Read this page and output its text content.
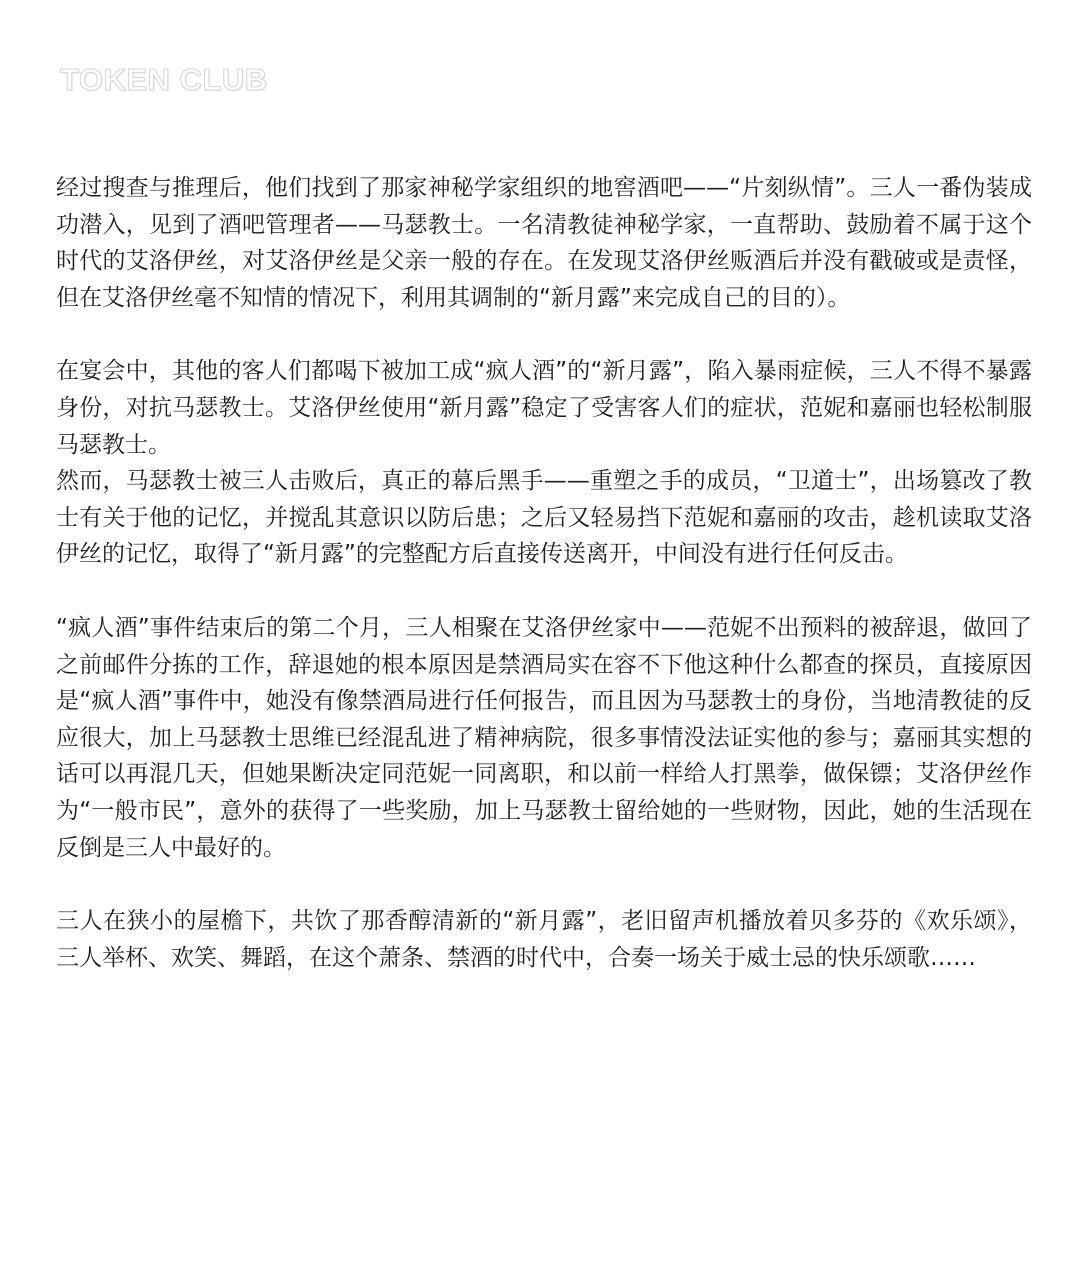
TOKEN CLUB

经过搜查与推理后，他们找到了那家神秘学家组织的地窖酒吧——“片刻纵情”。三人一番伪装成功潜入，见到了酒吧管理者——马瑟教士。一名清教徒神秘学家，一直帮助、鼓励着不属于这个时代的艾洛伊丝，对艾洛伊丝是父亲一般的存在。在发现艾洛伊丝贩酒后并没有戳破或是责怪，但在艾洛伊丝毫不知情的情况下，利用其调制的“新月露”来完成自己的目的）。

在宴会中，其他的客人们都喝下被加工成“疯人酒”的“新月露”，陷入暴雨症候，三人不得不暴露身份，对抗马瑟教士。艾洛伊丝使用“新月露”稳定了受害客人们的症状，范妮和嘉丽也轻松制服马瑟教士。

然而，马瑟教士被三人击败后，真正的幕后黑手——重塑之手的成员，“卫道士”，出场篡改了教士有关于他的记忆，并搅乱其意识以防后患；之后又轻易挡下范妮和嘉丽的攻击，趁机读取艾洛伊丝的记忆，取得了“新月露”的完整配方后直接传送离开，中间没有进行任何反击。

“疯人酒”事件结束后的第二个月，三人相聚在艾洛伊丝家中——范妮不出预料的被辞退，做回了之前邮件分拣的工作，辞退她的根本原因是禁酒局实在容不下他这种什么都查的探员，直接原因是“疯人酒”事件中，她没有像禁酒局进行任何报告，而且因为马瑟教士的身份，当地清教徒的反应很大，加上马瑟教士思维已经混乱进了精神病院，很多事情没法证实他的参与；嘉丽其实想的话可以再混几天，但她果断决定同范妮一同离职，和以前一样给人打黑拳，做保镖；艾洛伊丝作为“一般市民”，意外的获得了一些奖励，加上马瑟教士留给她的一些财物，因此，她的生活现在反倒是三人中最好的。

三人在狭小的屋檐下，共饮了那香醇清新的“新月露”，老旧留声机播放着贝多芬的《欢乐颂》，三人举杯、欢笑、舞蹈，在这个萧条、禁酒的时代中，合奏一场关于威士忌的快乐颂歌……
